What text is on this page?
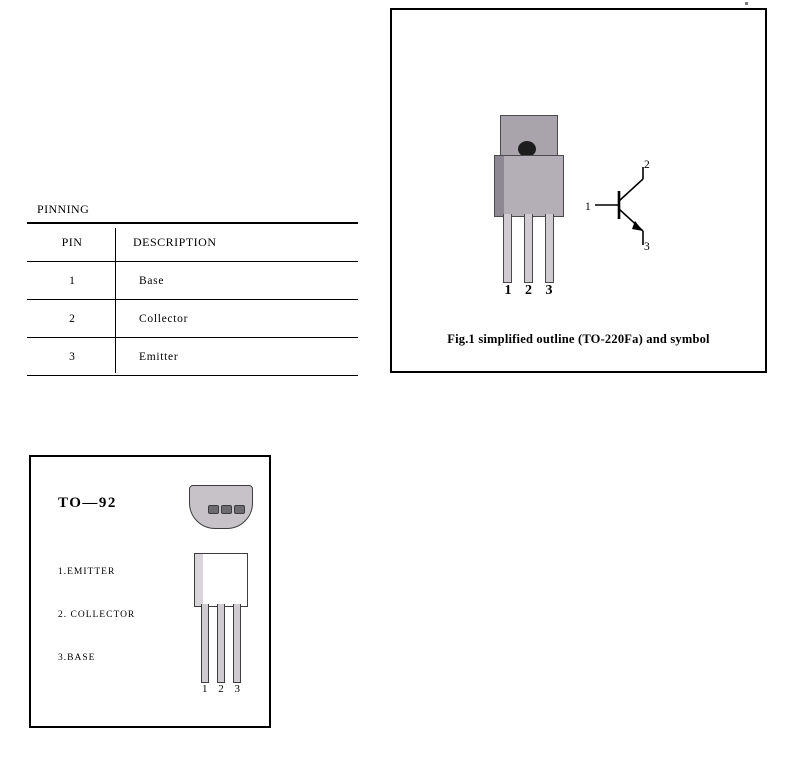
PINNING
PIN	DESCRIPTION
1	Base
2	Collector
3	Emitter
1 2 3
1
2
3
Fig.1 simplified outline (TO-220Fa) and symbol
TO—92
1.EMITTER
2. COLLECTOR
3.BASE
1 2 3
